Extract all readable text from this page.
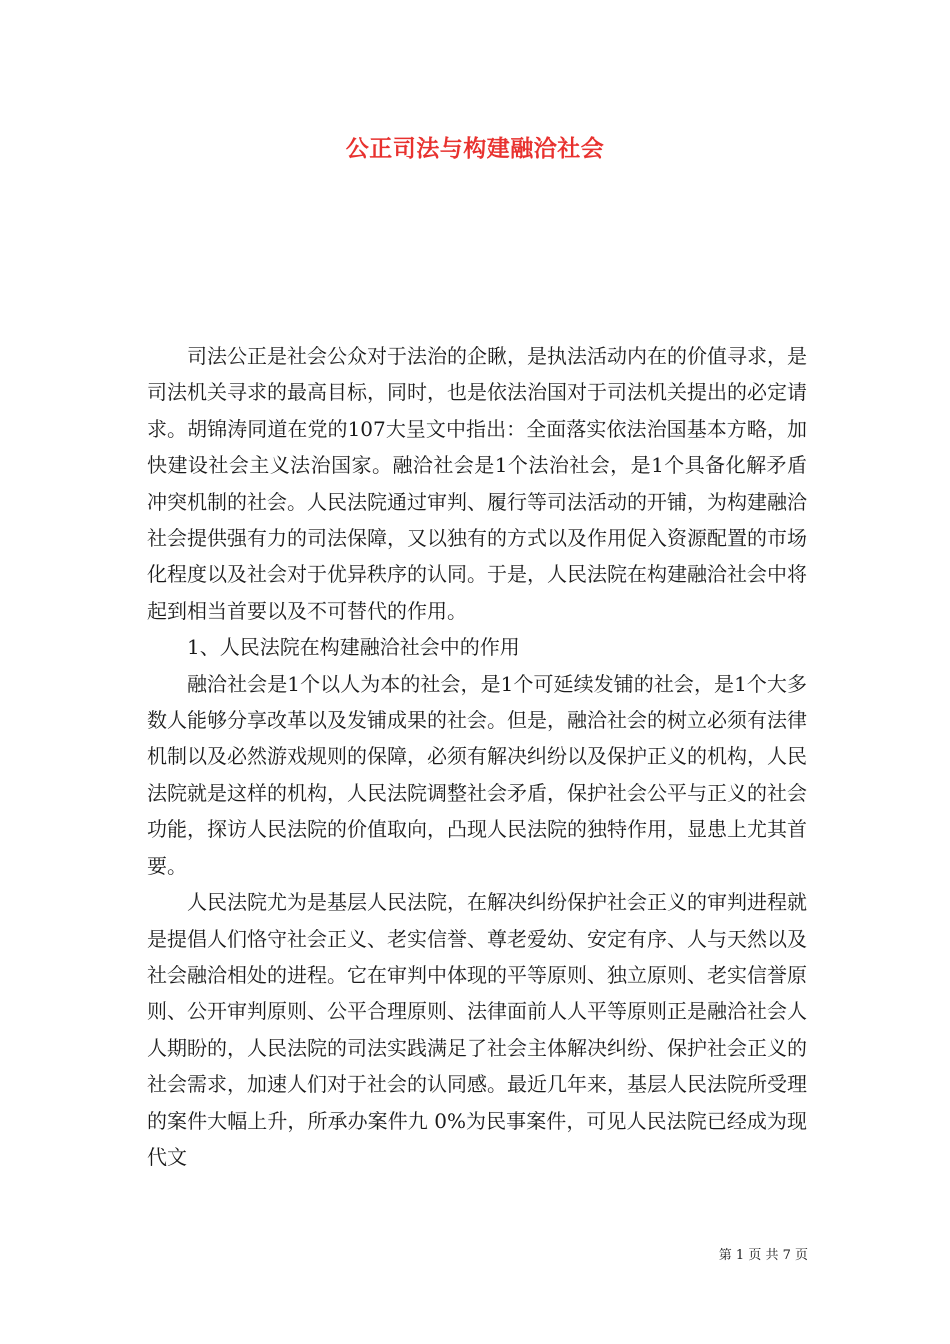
公正司法与构建融洽社会

司法公正是社会公众对于法治的企瞅，是执法活动内在的价值寻求，是司法机关寻求的最高目标，同时，也是依法治国对于司法机关提出的必定请求。胡锦涛同道在党的107大呈文中指出：全面落实依法治国基本方略，加快建设社会主义法治国家。融洽社会是1个法治社会，是1个具备化解矛盾冲突机制的社会。人民法院通过审判、履行等司法活动的开铺，为构建融洽社会提供强有力的司法保障，又以独有的方式以及作用促入资源配置的市场化程度以及社会对于优异秩序的认同。于是，人民法院在构建融洽社会中将起到相当首要以及不可替代的作用。

1、人民法院在构建融洽社会中的作用

融洽社会是1个以人为本的社会，是1个可延续发铺的社会，是1个大多数人能够分享改革以及发铺成果的社会。但是，融洽社会的树立必须有法律机制以及必然游戏规则的保障，必须有解决纠纷以及保护正义的机构，人民法院就是这样的机构，人民法院调整社会矛盾，保护社会公平与正义的社会功能，探访人民法院的价值取向，凸现人民法院的独特作用，显患上尤其首要。

人民法院尤为是基层人民法院，在解决纠纷保护社会正义的审判进程就是提倡人们恪守社会正义、老实信誉、尊老爱幼、安定有序、人与天然以及社会融洽相处的进程。它在审判中体现的平等原则、独立原则、老实信誉原则、公开审判原则、公平合理原则、法律面前人人平等原则正是融洽社会人人期盼的，人民法院的司法实践满足了社会主体解决纠纷、保护社会正义的社会需求，加速人们对于社会的认同感。最近几年来，基层人民法院所受理的案件大幅上升，所承办案件九 0%为民事案件，可见人民法院已经成为现代文

第 1 页 共 7 页
